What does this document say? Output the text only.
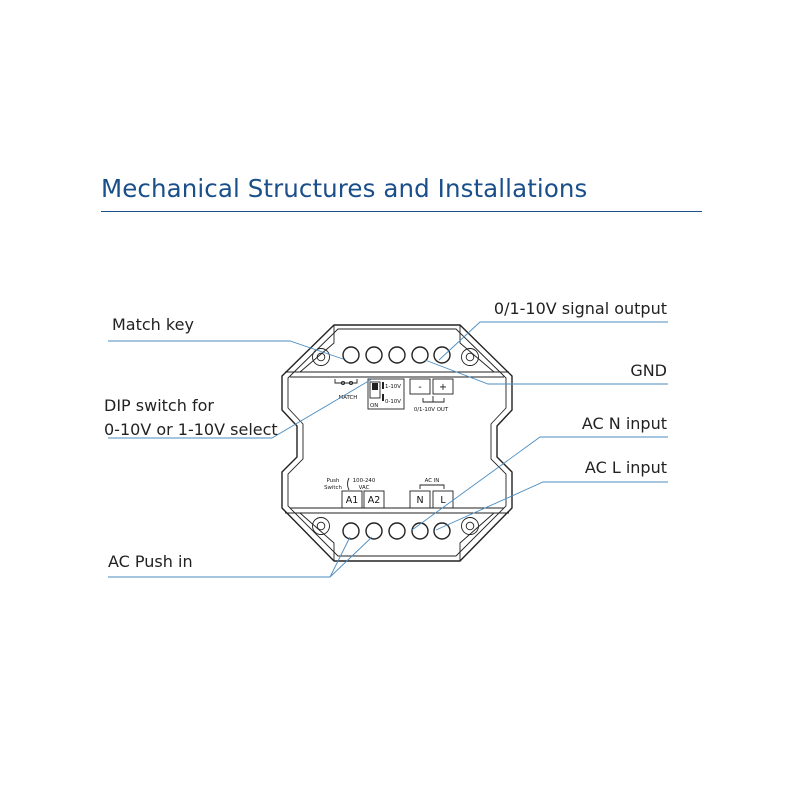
Mechanical Structures and Installations
MATCH
1-10V
0-10V
ON
- +
0/1-10V OUT
Push
Switch
100-240
VAC
A1 A2
AC IN
N L
Match key
DIP switch for
0-10V or 1-10V select
AC Push in
0/1-10V signal output
GND
AC N input
AC L input
